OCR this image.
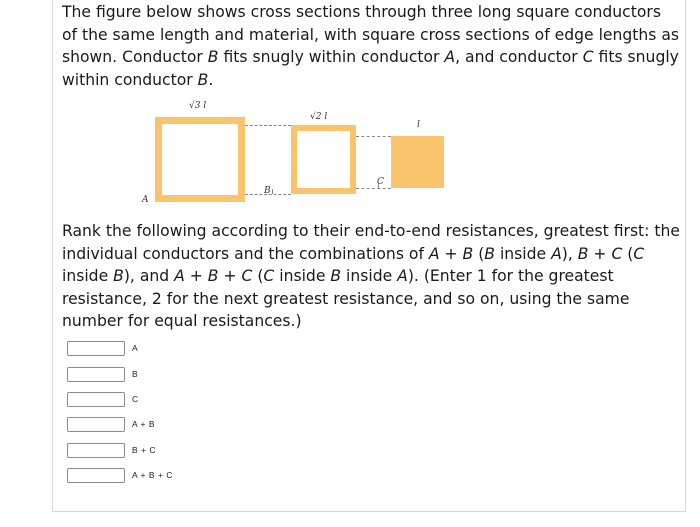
The figure below shows cross sections through three long square conductors of the same length and material, with square cross sections of edge lengths as shown. Conductor B fits snugly within conductor A, and conductor C fits snugly within conductor B.

√3 l
√2 l
l
A
B
C

Rank the following according to their end-to-end resistances, greatest first: the individual conductors and the combinations of A + B (B inside A), B + C (C inside B), and A + B + C (C inside B inside A). (Enter 1 for the greatest resistance, 2 for the next greatest resistance, and so on, using the same number for equal resistances.)

A
B
C
A + B
B + C
A + B + C
